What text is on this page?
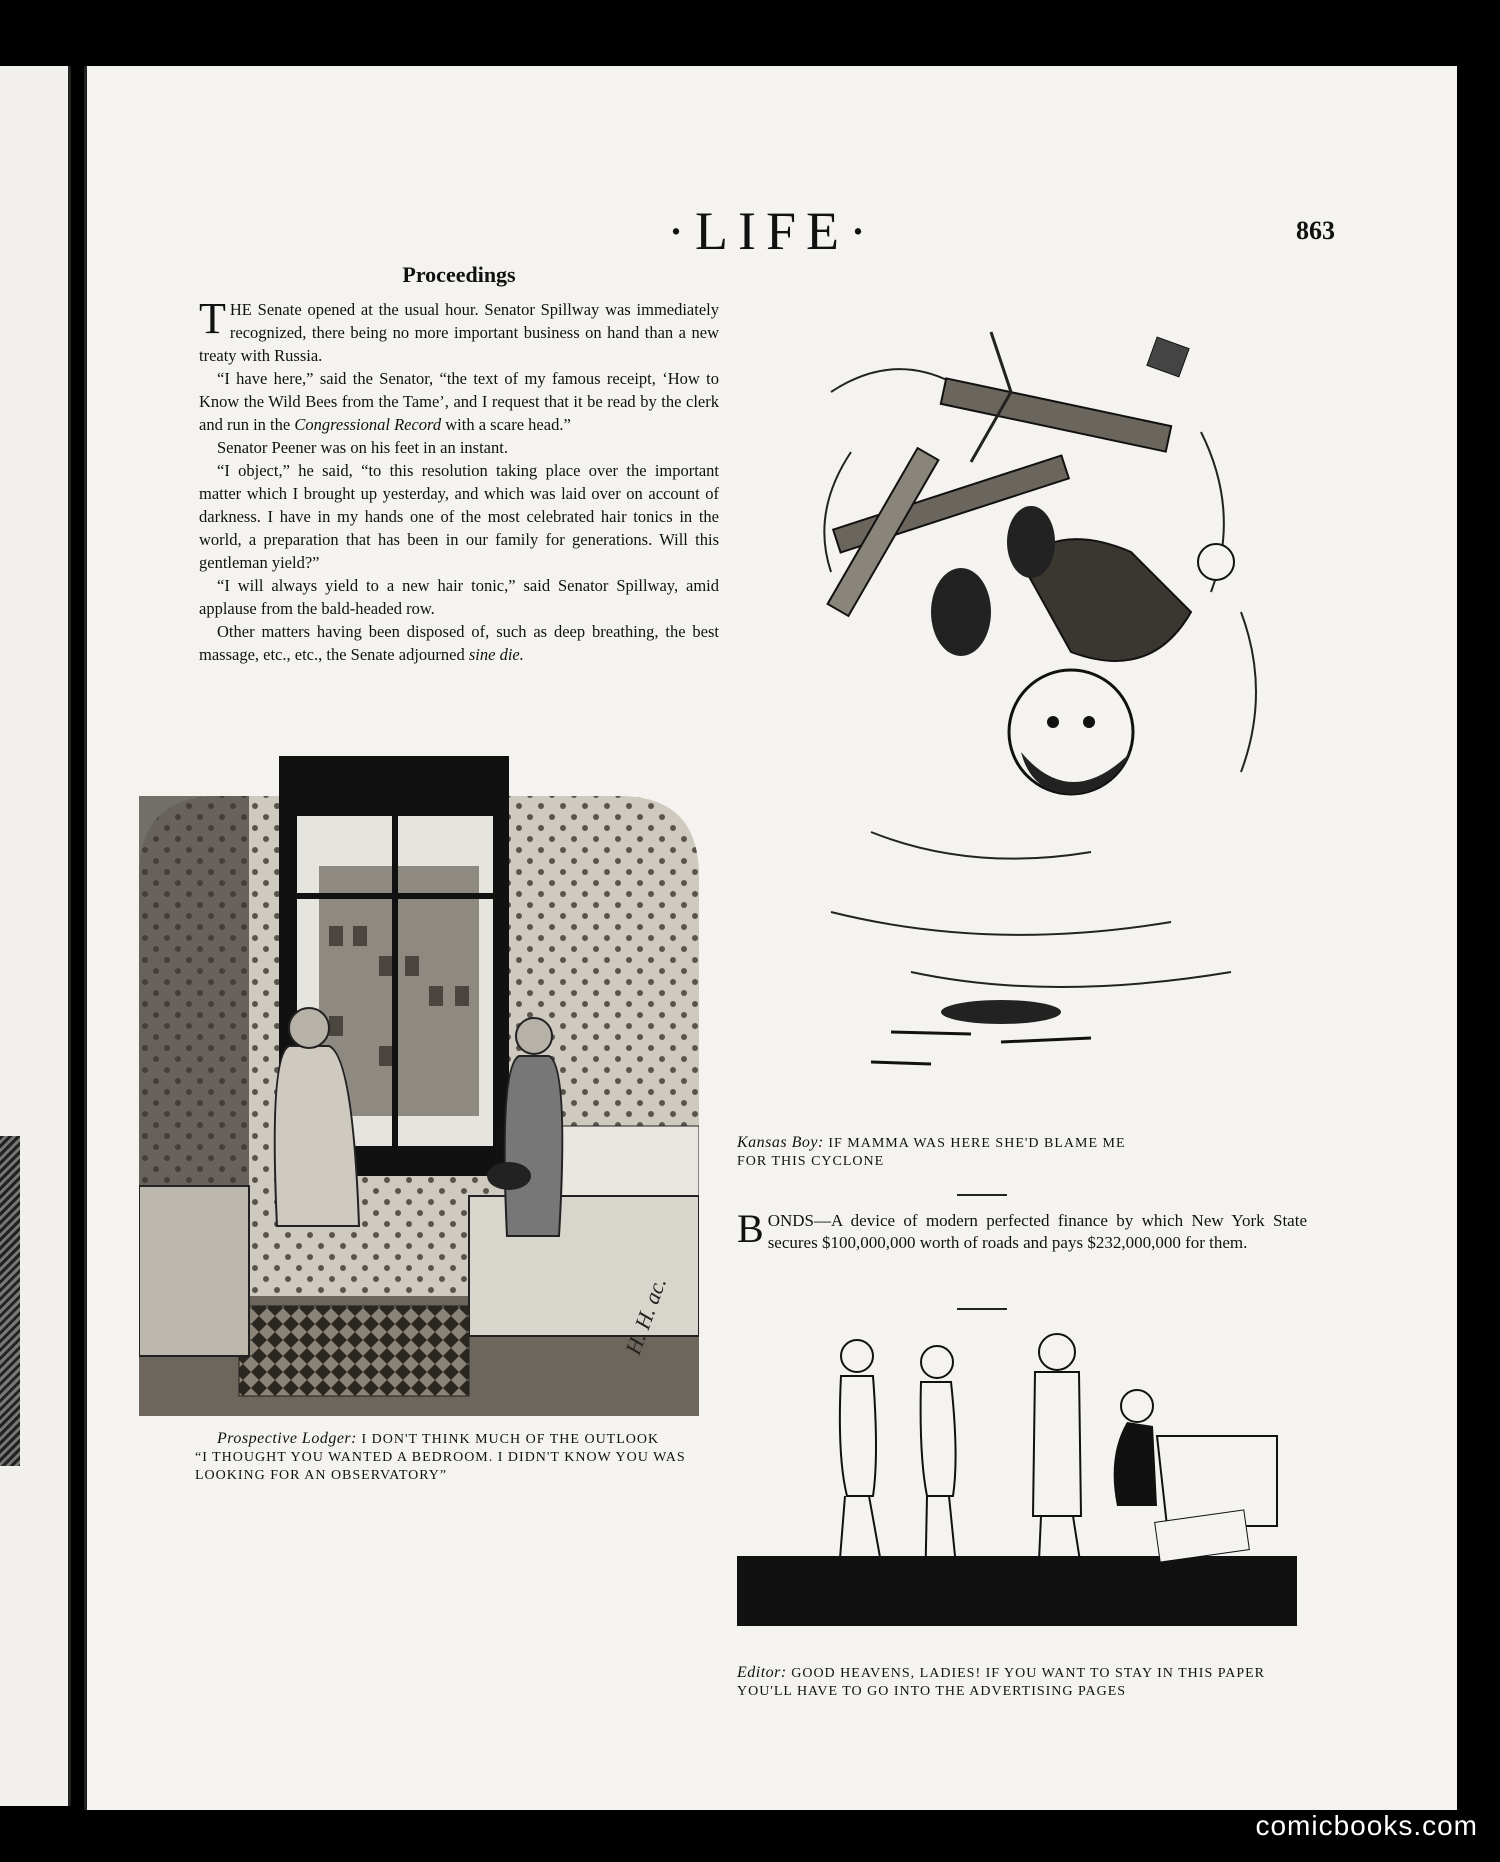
·LIFE·	863
Proceedings

THE Senate opened at the usual hour. Senator Spillway was immediately recognized, there being no more important business on hand than a new treaty with Russia.

“I have here,” said the Senator, “the text of my famous receipt, ‘How to Know the Wild Bees from the Tame’, and I request that it be read by the clerk and run in the Congressional Record with a scare head.”

Senator Peener was on his feet in an instant.

“I object,” he said, “to this resolution taking place over the important matter which I brought up yesterday, and which was laid over on account of darkness. I have in my hands one of the most celebrated hair tonics in the world, a preparation that has been in our family for generations. Will this gentleman yield?”

“I will always yield to a new hair tonic,” said Senator Spillway, amid applause from the bald-headed row.

Other matters having been disposed of, such as deep breathing, the best massage, etc., etc., the Senate adjourned sine die.

H. H. ac.
Prospective Lodger: I DON'T THINK MUCH OF THE OUTLOOK
“I THOUGHT YOU WANTED A BEDROOM. I DIDN'T KNOW YOU WAS LOOKING FOR AN OBSERVATORY”
Kansas Boy: IF MAMMA WAS HERE SHE'D BLAME ME FOR THIS CYCLONE
BONDS—A device of modern perfected finance by which New York State secures $100,000,000 worth of roads and pays $232,000,000 for them.
Editor: GOOD HEAVENS, LADIES! IF YOU WANT TO STAY IN THIS PAPER YOU'LL HAVE TO GO INTO THE ADVERTISING PAGES
comicbooks.com
